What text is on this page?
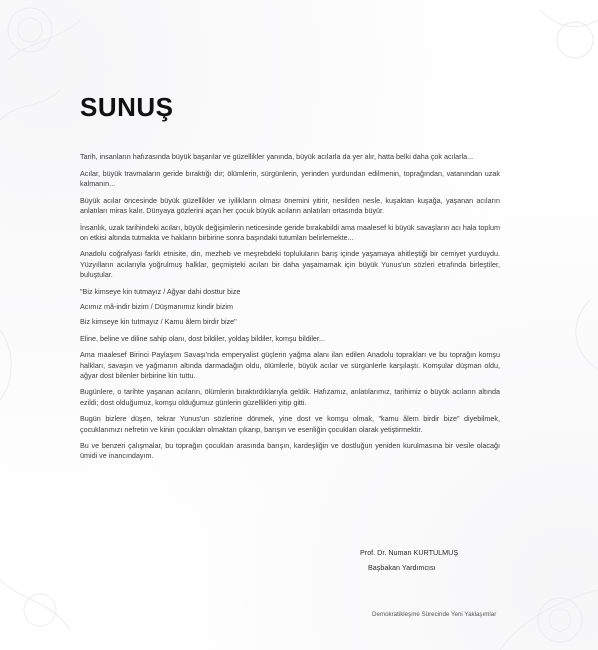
SUNUŞ

Tarih, insanların hafızasında büyük başarılar ve güzellikler yanında, büyük acılarla da yer alır, hatta belki daha çok acılarla...

Acılar, büyük travmaların geride bıraktığı dır; ölümlerin, sürgünlerin, yerinden yurdundan edilmenin, toprağından, vatanından uzak kalmanın...

Büyük acılar öncesinde büyük güzellikler ve iyilikların olması önemini yitirir, nesilden nesle, kuşaktan kuşağa, yaşanan acıların anlatıları miras kalır. Dünyaya gözlerini açan her çocuk büyük acıların anlatıları ortasında büyür.

İnsanlık, uzak tarihindeki acıları, büyük değişimlerin neticesinde geride bırakabildi ama maalesef ki büyük savaşların acı hala toplum on etkisi altında tutmakta ve hakların birbirine sonra başındaki tutumları belirlemekte...

Anadolu coğrafyası farklı etnisite, din, mezheb ve meşrebdeki topluluların barış içinde yaşamaya ahitleştiği bir cemiyet yurduydu. Yüzyılların acılarıyla yoğrulmuş halklar, geçmişteki acıları bir daha yaşamamak için büyük Yunus'un sözleri etrafında birleştiler, buluştular.

"Biz kimseye kin tutmayız / Ağyar dahi dosttur bize

Acımız mâ-indir bizim / Düşmanımız kindir bizim

Biz kimseye kin tutmayız / Kamu âlem birdir bize"

Eline, beline ve diline sahip olanı, dost bildiler, yoldaş bildiler, komşu bildiler...

Ama maalesef Birinci Paylaşım Savaşı'nda emperyalist güçlerin yağma alanı ilan edilen Anadolu toprakları ve bu toprağın komşu halkları, savaşın ve yağmanın altında darmadağın oldu, ölümlerle, büyük acılar ve sürgünlerle karşılaştı. Komşular düşman oldu, ağyar dost bilenler birbirine kin tuttu.

Bugünlere, o tarihte yaşanan acıların, ölümlerin bıraktırdıklarıyla geldik. Hafızamız, anlatılarımız, tarihimiz o büyük acıların altında ezildi; dost olduğumuz, komşu olduğumuz günlerin güzellikleri yitip gitti.

Bugün bizlere düşen, tekrar Yunus'un sözlerine dönmek, yine dost ve komşu olmak, "kamu âlem birdir bize" diyebilmek, çocuklarımızı nefretin ve kinin çocukları olmaktan çıkarıp, barışın ve esenliğin çocukları olarak yetiştirmektir.

Bu ve benzeri çalışmalar, bu toprağın çocukları arasında barışın, kardeşliğin ve dostluğun yeniden kurulmasına bir vesile olacağı ümidi ve inancındayım.

Prof. Dr. Numan KURTULMUŞ
Başbakan Yardımcısı
Demokratikleşme Sürecinde Yeni Yaklaşımlar
